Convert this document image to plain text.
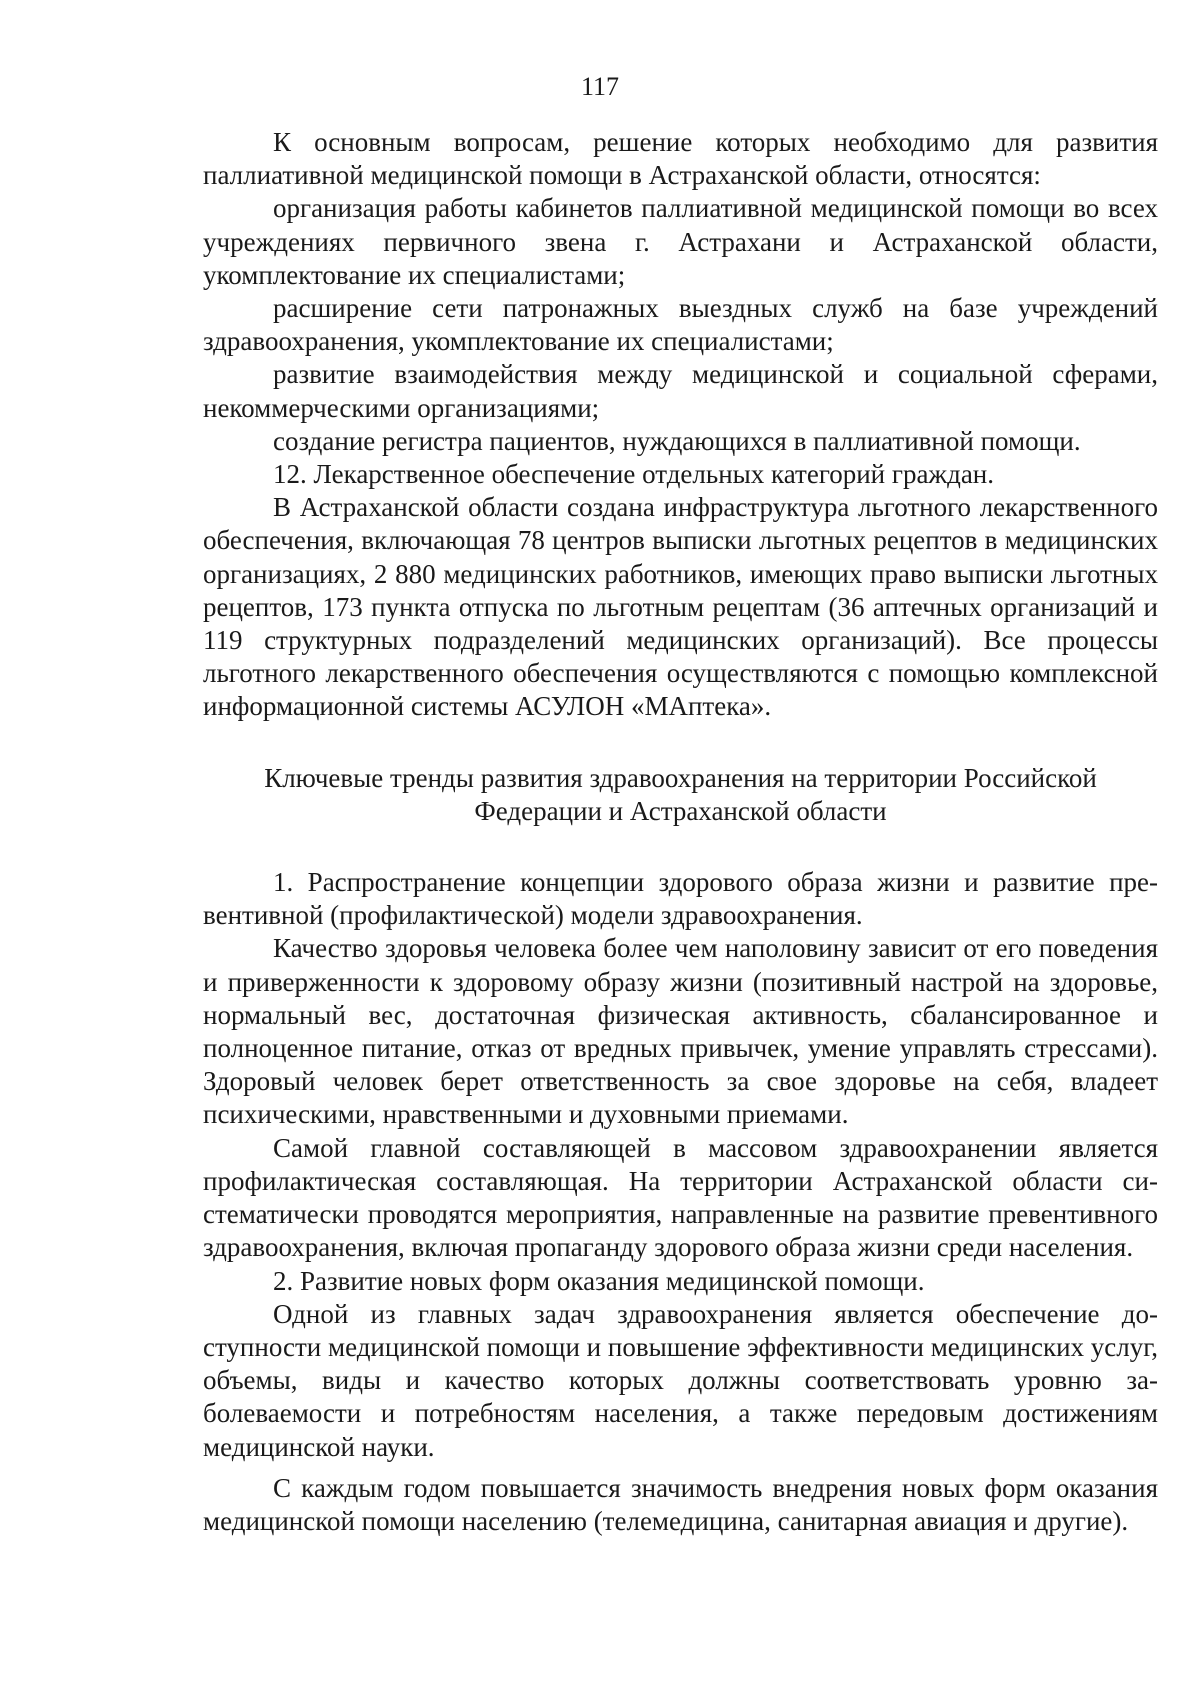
117

К основным вопросам, решение которых необходимо для развития паллиативной медицинской помощи в Астраханской области, относятся:

организация работы кабинетов паллиативной медицинской помощи во всех учреждениях первичного звена г. Астрахани и Астраханской области, укомплектование их специалистами;

расширение сети патронажных выездных служб на базе учреждений здравоохранения, укомплектование их специалистами;

развитие взаимодействия между медицинской и социальной сферами, некоммерческими организациями;

создание регистра пациентов, нуждающихся в паллиативной помощи.

12. Лекарственное обеспечение отдельных категорий граждан.

В Астраханской области создана инфраструктура льготного лекарственного обеспечения, включающая 78 центров выписки льготных рецептов в медицинских организациях, 2 880 медицинских работников, имеющих право выписки льготных рецептов, 173 пункта отпуска по льготным рецептам (36 аптечных организаций и 119 структурных подразделений медицинских организаций). Все процессы льготного лекарственного обеспечения осуществляются с помощью комплексной информационной системы АСУЛОН «МАптека».

Ключевые тренды развития здравоохранения на территории Российской Федерации и Астраханской области

1. Распространение концепции здорового образа жизни и развитие превентивной (профилактической) модели здравоохранения.

Качество здоровья человека более чем наполовину зависит от его поведения и приверженности к здоровому образу жизни (позитивный настрой на здоровье, нормальный вес, достаточная физическая активность, сбалансированное и полноценное питание, отказ от вредных привычек, умение управлять стрессами). Здоровый человек берет ответственность за свое здоровье на себя, владеет психическими, нравственными и духовными приемами.

Самой главной составляющей в массовом здравоохранении является профилактическая составляющая. На территории Астраханской области систематически проводятся мероприятия, направленные на развитие превентивного здравоохранения, включая пропаганду здорового образа жизни среди населения.

2. Развитие новых форм оказания медицинской помощи.

Одной из главных задач здравоохранения является обеспечение доступности медицинской помощи и повышение эффективности медицинских услуг, объемы, виды и качество которых должны соответствовать уровню заболеваемости и потребностям населения, а также передовым достижениям медицинской науки.

С каждым годом повышается значимость внедрения новых форм оказания медицинской помощи населению (телемедицина, санитарная авиация и другие).
